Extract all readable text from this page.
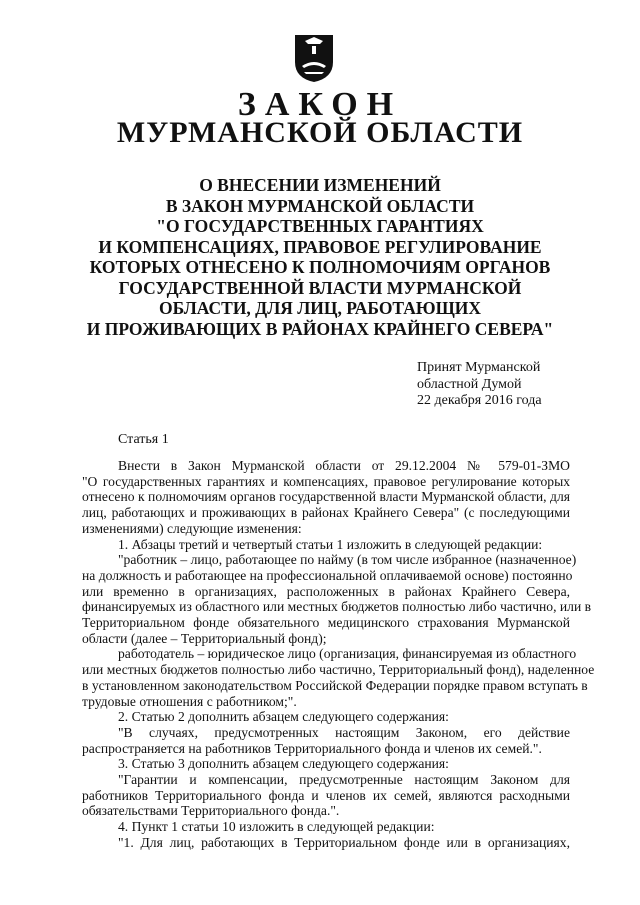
ЗАКОН
МУРМАНСКОЙ ОБЛАСТИ
О ВНЕСЕНИИ ИЗМЕНЕНИЙ
В ЗАКОН МУРМАНСКОЙ ОБЛАСТИ
"О ГОСУДАРСТВЕННЫХ ГАРАНТИЯХ
И КОМПЕНСАЦИЯХ, ПРАВОВОЕ РЕГУЛИРОВАНИЕ
КОТОРЫХ ОТНЕСЕНО К ПОЛНОМОЧИЯМ ОРГАНОВ
ГОСУДАРСТВЕННОЙ ВЛАСТИ МУРМАНСКОЙ
ОБЛАСТИ, ДЛЯ ЛИЦ, РАБОТАЮЩИХ
И ПРОЖИВАЮЩИХ В РАЙОНАХ КРАЙНЕГО СЕВЕРА"
Принят Мурманской
областной Думой
22 декабря 2016 года
Статья 1
Внести в Закон Мурманской области от 29.12.2004 № 579-01-ЗМО
"О государственных гарантиях и компенсациях, правовое регулирование которых
отнесено к полномочиям органов государственной власти Мурманской области, для
лиц, работающих и проживающих в районах Крайнего Севера" (с последующими
изменениями) следующие изменения:
1. Абзацы третий и четвертый статьи 1 изложить в следующей редакции:
"работник – лицо, работающее по найму (в том числе избранное (назначенное)
на должность и работающее на профессиональной оплачиваемой основе) постоянно
или временно в организациях, расположенных в районах Крайнего Севера,
финансируемых из областного или местных бюджетов полностью либо частично, или в
Территориальном фонде обязательного медицинского страхования Мурманской
области (далее – Территориальный фонд);
работодатель – юридическое лицо (организация, финансируемая из областного
или местных бюджетов полностью либо частично, Территориальный фонд), наделенное
в установленном законодательством Российской Федерации порядке правом вступать в
трудовые отношения с работником;".
2. Статью 2 дополнить абзацем следующего содержания:
"В случаях, предусмотренных настоящим Законом, его действие
распространяется на работников Территориального фонда и членов их семей.".
3. Статью 3 дополнить абзацем следующего содержания:
"Гарантии и компенсации, предусмотренные настоящим Законом для
работников Территориального фонда и членов их семей, являются расходными
обязательствами Территориального фонда.".
4. Пункт 1 статьи 10 изложить в следующей редакции:
"1. Для лиц, работающих в Территориальном фонде или в организациях,
